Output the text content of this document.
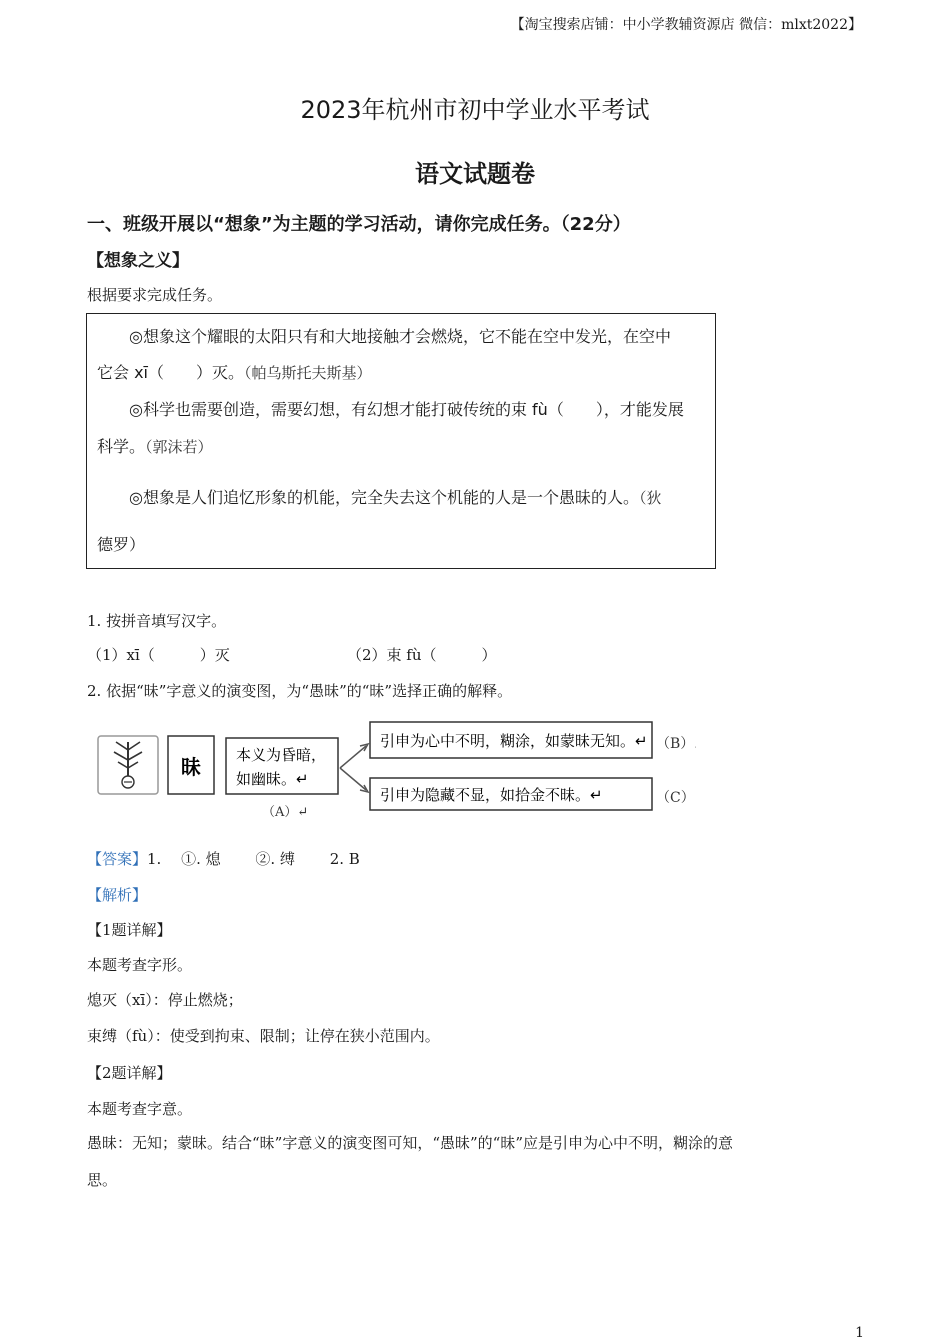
【淘宝搜索店铺：中小学教辅资源店 微信：mlxt2022】
2023年杭州市初中学业水平考试
语文试题卷
一、班级开展以“想象”为主题的学习活动，请你完成任务。（22分）
【想象之义】
根据要求完成任务。
◎想象这个耀眼的太阳只有和大地接触才会燃烧，它不能在空中发光，在空中
它会 xī（　　）灭。（帕乌斯托夫斯基）
◎科学也需要创造，需要幻想，有幻想才能打破传统的束 fù（　　），才能发展
科学。（郭沫若）
◎想象是人们追忆形象的机能，完全失去这个机能的人是一个愚昧的人。（狄
德罗）
1. 按拼音填写汉字。
（1）xī（　　　）灭	（2）束 fù（　　　）
2. 依据“昧”字意义的演变图，为“愚昧”的“昧”选择正确的解释。
昧 本义为昏暗，
如幽昧。↵
（A）↵
引申为心中不明，糊涂，如蒙昧无知。↵ （B）.
引申为隐藏不显，如拾金不昧。↵	（C）.
【答案】1.　 ①. 熄　　 ②. 缚　　 2. B
【解析】
【1题详解】
本题考查字形。
熄灭（xī）：停止燃烧；
束缚（fù）：使受到拘束、限制；让停在狭小范围内。
【2题详解】
本题考查字意。
愚昧：无知；蒙昧。结合“昧”字意义的演变图可知，“愚昧”的“昧”应是引申为心中不明，糊涂的意
思。
1
